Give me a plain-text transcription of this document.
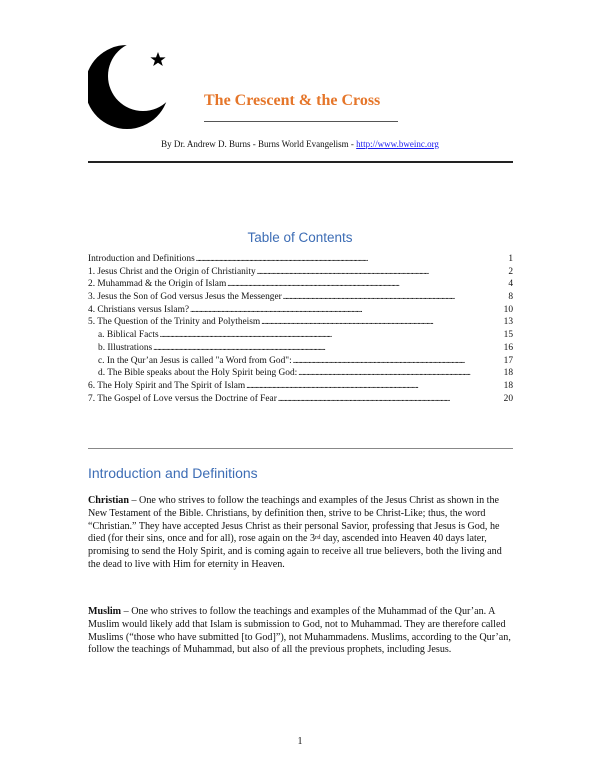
The Crescent & the Cross
By Dr. Andrew D. Burns - Burns World Evangelism - http://www.bweinc.org
Table of Contents
Introduction and Definitions . . .	1
1. Jesus Christ and the Origin of Christianity . . .	2
2. Muhammad & the Origin of Islam . . .	4
3. Jesus the Son of God versus Jesus the Messenger . . .	8
4. Christians versus Islam? . . .	10
5. The Question of the Trinity and Polytheism . . .	13
a. Biblical Facts . . .	15
b. Illustrations . . .	16
c. In the Qur’an Jesus is called "a Word from God": . . .	17
d. The Bible speaks about the Holy Spirit being God: . . .	18
6. The Holy Spirit and The Spirit of Islam . . .	18
7. The Gospel of Love versus the Doctrine of Fear . . .	20
Introduction and Definitions
Christian – One who strives to follow the teachings and examples of the Jesus Christ as shown in the New Testament of the Bible. Christians, by definition then, strive to be Christ-Like; thus, the word “Christian.” They have accepted Jesus Christ as their personal Savior, professing that Jesus is God, he died (for their sins, once and for all), rose again on the 3rd day, ascended into Heaven 40 days later, promising to send the Holy Spirit, and is coming again to receive all true believers, both the living and the dead to live with Him for eternity in Heaven.
Muslim – One who strives to follow the teachings and examples of the Muhammad of the Qur’an. A Muslim would likely add that Islam is submission to God, not to Muhammad. They are therefore called Muslims (“those who have submitted [to God]”), not Muhammadens. Muslims, according to the Qur’an, follow the teachings of Muhammad, but also of all the previous prophets, including Jesus.
1
